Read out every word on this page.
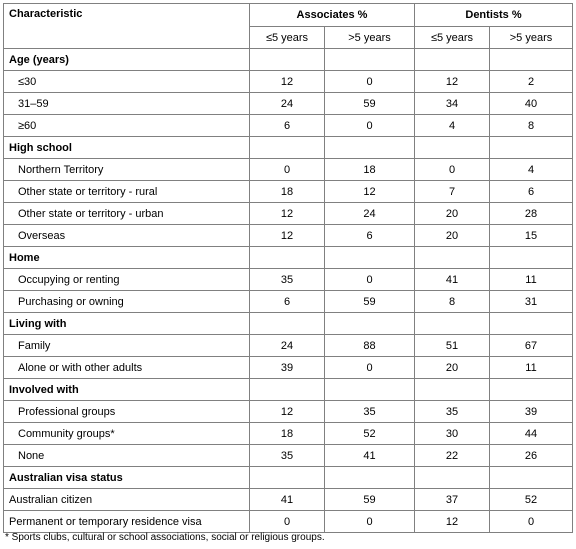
Characteristic	Associates %		Dentists %	
	≤5 years	>5 years	≤5 years	>5 years
Age (years)				
≤30	12	0	12	2
31–59	24	59	34	40
≥60	6	0	4	8
High school				
Northern Territory	0	18	0	4
Other state or territory - rural	18	12	7	6
Other state or territory - urban	12	24	20	28
Overseas	12	6	20	15
Home				
Occupying or renting	35	0	41	11
Purchasing or owning	6	59	8	31
Living with				
Family	24	88	51	67
Alone or with other adults	39	0	20	11
Involved with				
Professional groups	12	35	35	39
Community groups*	18	52	30	44
None	35	41	22	26
Australian visa status				
Australian citizen	41	59	37	52
Permanent or temporary residence visa	0	0	12	0
* Sports clubs, cultural or school associations, social or religious groups.
